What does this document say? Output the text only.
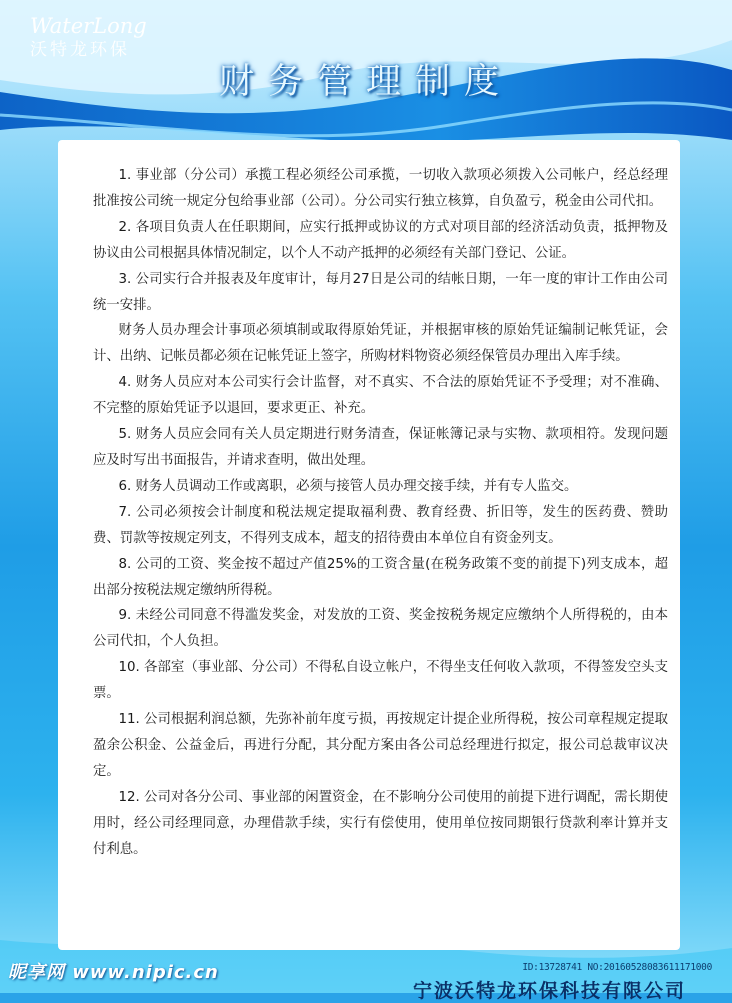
WaterLong
沃特龙环保
财务管理制度

1. 事业部（分公司）承揽工程必须经公司承揽，一切收入款项必须拨入公司帐户，经总经理批准按公司统一规定分包给事业部（公司）。分公司实行独立核算，自负盈亏，税金由公司代扣。

2. 各项目负责人在任职期间，应实行抵押或协议的方式对项目部的经济活动负责，抵押物及协议由公司根据具体情况制定，以个人不动产抵押的必须经有关部门登记、公证。

3. 公司实行合并报表及年度审计，每月27日是公司的结帐日期，一年一度的审计工作由公司统一安排。

财务人员办理会计事项必须填制或取得原始凭证，并根据审核的原始凭证编制记帐凭证，会计、出纳、记帐员都必须在记帐凭证上签字，所购材料物资必须经保管员办理出入库手续。

4. 财务人员应对本公司实行会计监督，对不真实、不合法的原始凭证不予受理；对不准确、不完整的原始凭证予以退回，要求更正、补充。

5. 财务人员应会同有关人员定期进行财务清查，保证帐簿记录与实物、款项相符。发现问题应及时写出书面报告，并请求查明，做出处理。

6. 财务人员调动工作或离职，必须与接管人员办理交接手续，并有专人监交。

7. 公司必须按会计制度和税法规定提取福利费、教育经费、折旧等，发生的医药费、赞助费、罚款等按规定列支，不得列支成本，超支的招待费由本单位自有资金列支。

8. 公司的工资、奖金按不超过产值25%的工资含量(在税务政策不变的前提下)列支成本，超出部分按税法规定缴纳所得税。

9. 未经公司同意不得滥发奖金，对发放的工资、奖金按税务规定应缴纳个人所得税的，由本公司代扣，个人负担。

10. 各部室（事业部、分公司）不得私自设立帐户，不得坐支任何收入款项，不得签发空头支票。

11. 公司根据利润总额，先弥补前年度亏损，再按规定计提企业所得税，按公司章程规定提取盈余公积金、公益金后，再进行分配，其分配方案由各公司总经理进行拟定，报公司总裁审议决定。

12. 公司对各分公司、事业部的闲置资金，在不影响分公司使用的前提下进行调配，需长期使用时，经公司经理同意，办理借款手续，实行有偿使用，使用单位按同期银行贷款利率计算并支付利息。

昵享网 www.nipic.cn	ID:13728741 NO:20160528083611171000
宁波沃特龙环保科技有限公司
